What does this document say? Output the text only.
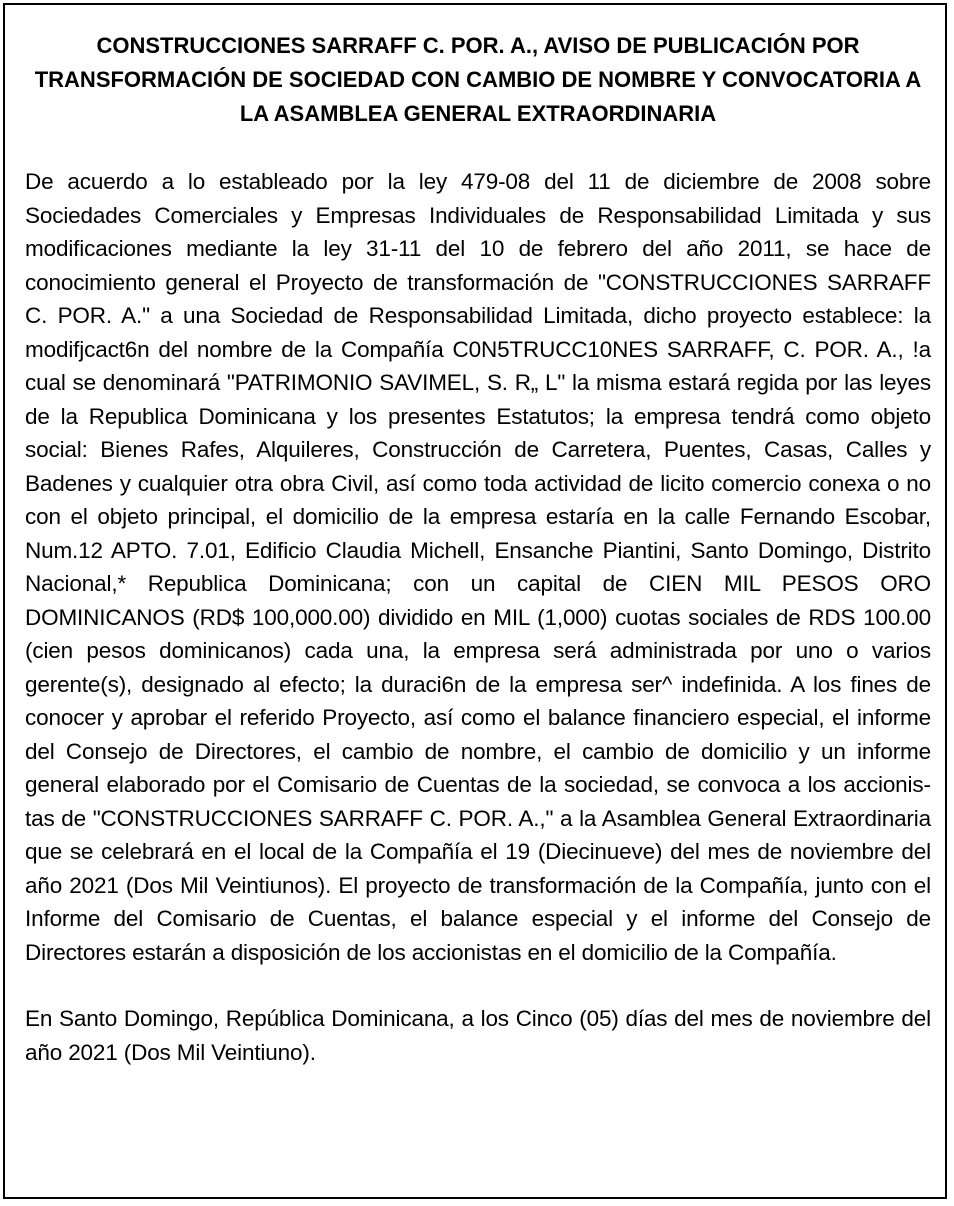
CONSTRUCCIONES SARRAFF C. POR. A., AVISO DE PUBLICACIÓN POR TRANSFORMACIÓN DE SOCIEDAD CON CAMBIO DE NOMBRE Y CONVOCATORIA A LA ASAMBLEA GENERAL EXTRAORDINARIA

De acuerdo a lo estableado por la ley 479-08 del 11 de diciembre de 2008 sobre Sociedades Comerciales y Empresas Individuales de Responsabilidad Limitada y sus modificaciones mediante la ley 31-11 del 10 de febrero del año 2011, se hace de conocimiento general el Proyecto de transformación de "CONSTRUCCIONES SARRAFF C. POR. A." a una Sociedad de Responsabilidad Limitada, dicho proyecto establece: la modifjcact6n del nombre de la Compañía C0N5TRUCC10NES SARRAFF, C. POR. A., !a cual se denominará "PATRIMONIO SAVIMEL, S. R„ L" la misma estará regida por las leyes de la Republica Dominicana y los presentes Estatutos; la empresa tendrá como objeto social: Bienes Rafes, Alquileres, Construcción de Carretera, Puentes, Casas, Calles y Badenes y cualquier otra obra Civil, así como toda actividad de licito comercio conexa o no con el objeto principal, el domicilio de la empresa estaría en la calle Fernando Escobar, Num.12 APTO. 7.01, Edificio Claudia Michell, Ensanche Piantini, Santo Domingo, Distrito Nacional,* Republica Dominicana; con un capital de CIEN MIL PESOS ORO DOMINICANOS (RD$ 100,000.00) dividido en MIL (1,000) cuotas sociales de RDS 100.00 (cien pesos dominicanos) cada una, la empresa será administrada por uno o varios gerente(s), designado al efecto; la duraci6n de la empresa ser^ indefinida. A los fines de conocer y aprobar el referido Proyecto, así como el balance financiero especial, el informe del Consejo de Directores, el cambio de nombre, el cambio de domicilio y un informe general elaborado por el Comisario de Cuentas de la sociedad, se convoca a los accionistas de "CONSTRUCCIONES SARRAFF C. POR. A.," a la Asamblea General Extraordinaria que se celebrará en el local de la Compañía el 19 (Diecinueve) del mes de noviembre del año 2021 (Dos Mil Veintiunos). El proyecto de transformación de la Compañía, junto con el Informe del Comisario de Cuentas, el balance especial y el informe del Consejo de Directores estarán a disposición de los accionistas en el domicilio de la Compañía.

En Santo Domingo, República Dominicana, a los Cinco (05) días del mes de noviembre del año 2021 (Dos Mil Veintiuno).
